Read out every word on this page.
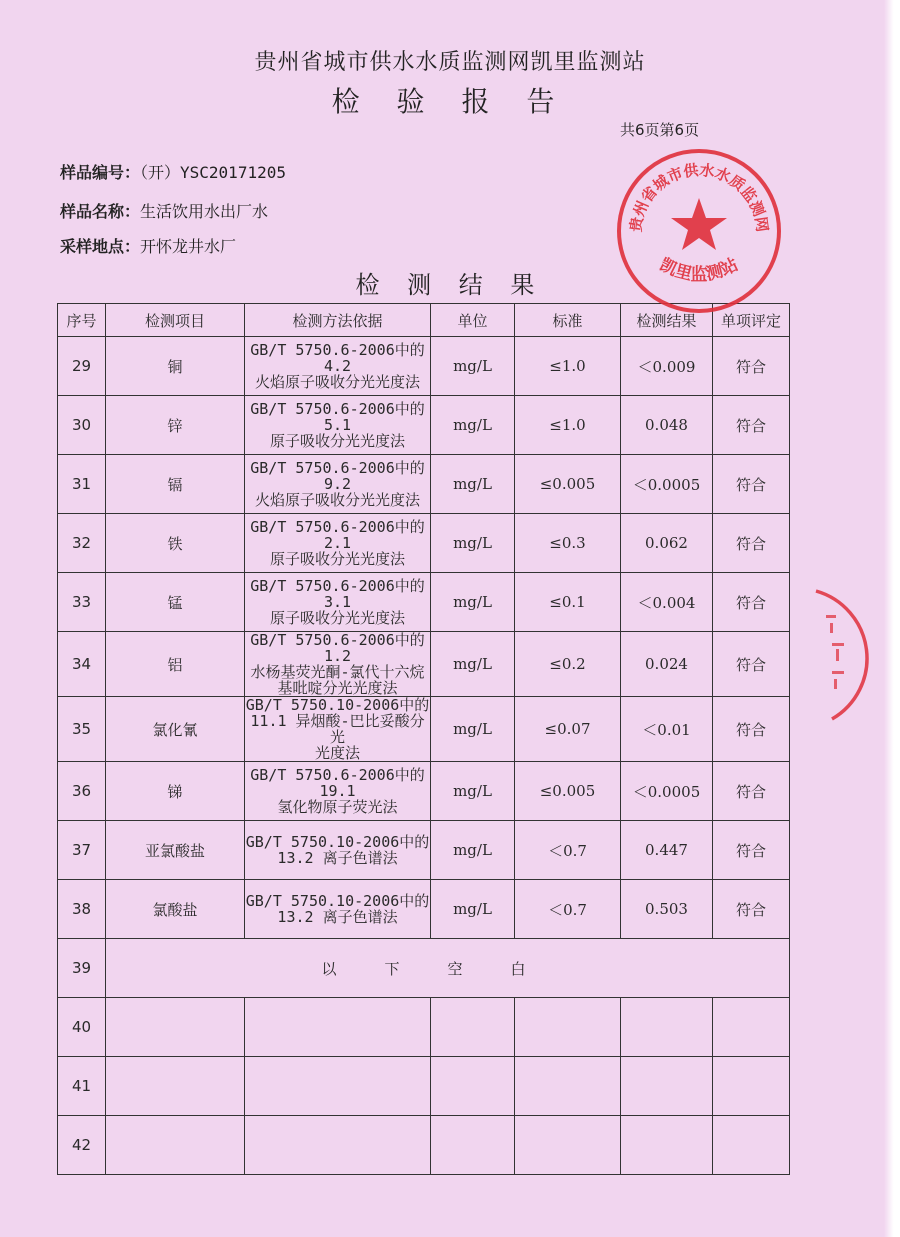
贵州省城市供水水质监测网凯里监测站
检 验 报 告
共6页第6页
样品编号：（开）YSC20171205
样品名称：生活饮用水出厂水
采样地点：开怀龙井水厂
检 测 结 果
序号	检测项目	检测方法依据	单位	标准	检测结果	单项评定
29	铜	GB/T 5750.6-2006中的4.2
火焰原子吸收分光光度法	mg/L	≤1.0	＜0.009	符合
30	锌	GB/T 5750.6-2006中的5.1
原子吸收分光光度法	mg/L	≤1.0	0.048	符合
31	镉	GB/T 5750.6-2006中的9.2
火焰原子吸收分光光度法	mg/L	≤0.005	＜0.0005	符合
32	铁	GB/T 5750.6-2006中的2.1
原子吸收分光光度法	mg/L	≤0.3	0.062	符合
33	锰	GB/T 5750.6-2006中的3.1
原子吸收分光光度法	mg/L	≤0.1	＜0.004	符合
34	铝	GB/T 5750.6-2006中的1.2
水杨基荧光酮-氯代十六烷
基吡啶分光光度法	mg/L	≤0.2	0.024	符合
35	氯化氰	GB/T 5750.10-2006中的
11.1 异烟酸-巴比妥酸分光
光度法	mg/L	≤0.07	＜0.01	符合
36	锑	GB/T 5750.6-2006中的19.1
氢化物原子荧光法	mg/L	≤0.005	＜0.0005	符合
37	亚氯酸盐	GB/T 5750.10-2006中的
13.2 离子色谱法	mg/L	＜0.7	0.447	符合
38	氯酸盐	GB/T 5750.10-2006中的
13.2 离子色谱法	mg/L	＜0.7	0.503	符合
39	以下空白					
40						
41						
42						
贵州省城市供水水质监测网
凯里监测站
